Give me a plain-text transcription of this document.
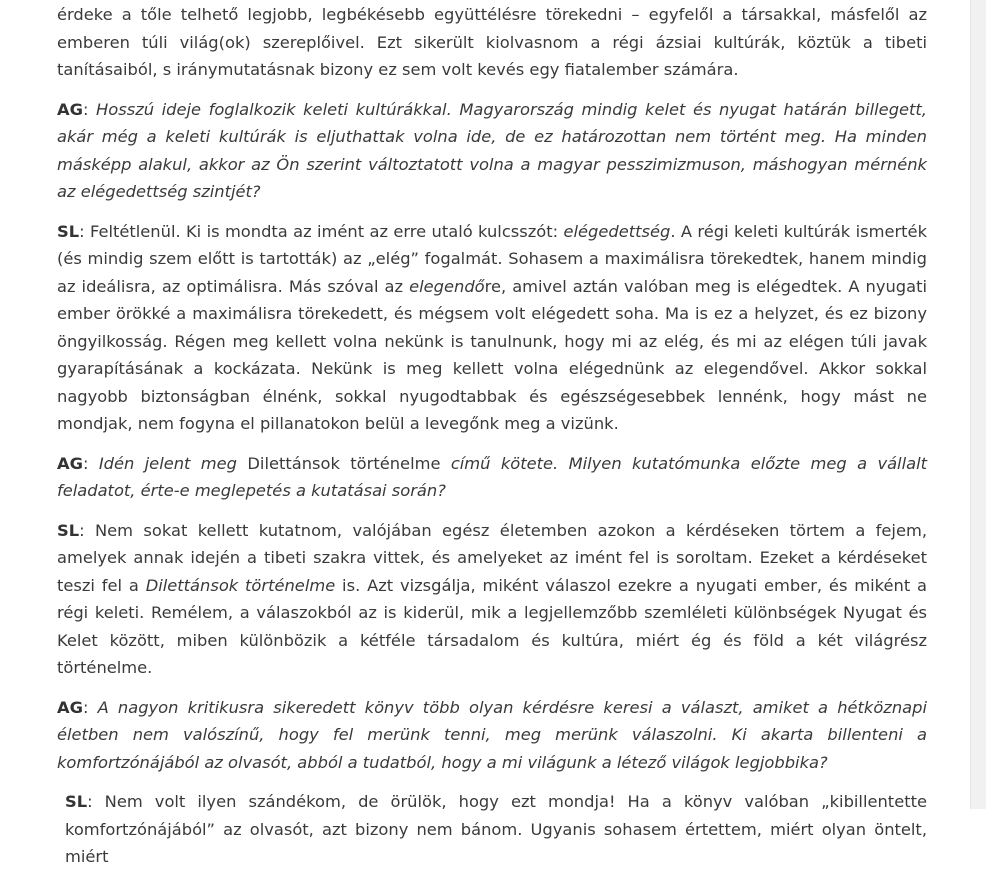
érdeke a tőle telhető legjobb, legbékésebb együttélésre törekedni – egyfelől a társakkal, másfelől az emberen túli világ(ok) szereplőivel. Ezt sikerült kiolvasnom a régi ázsiai kultúrák, köztük a tibeti tanításaiból, s iránymutatásnak bizony ez sem volt kevés egy fiatalember számára.

AG: Hosszú ideje foglalkozik keleti kultúrákkal. Magyarország mindig kelet és nyugat határán billegett, akár még a keleti kultúrák is eljuthattak volna ide, de ez határozottan nem történt meg. Ha minden másképp alakul, akkor az Ön szerint változtatott volna a magyar pesszimizmuson, máshogyan mérnénk az elégedettség szintjét?

SL: Feltétlenül. Ki is mondta az imént az erre utaló kulcsszót: elégedettség. A régi keleti kultúrák ismerték (és mindig szem előtt is tartották) az „elég” fogalmát. Sohasem a maximálisra törekedtek, hanem mindig az ideálisra, az optimálisra. Más szóval az elegendőre, amivel aztán valóban meg is elégedtek. A nyugati ember örökké a maximálisra törekedett, és mégsem volt elégedett soha. Ma is ez a helyzet, és ez bizony öngyilkosság. Régen meg kellett volna nekünk is tanulnunk, hogy mi az elég, és mi az elégen túli javak gyarapításának a kockázata. Nekünk is meg kellett volna elégednünk az elegendővel. Akkor sokkal nagyobb biztonságban élnénk, sokkal nyugodtabbak és egészségesebbek lennénk, hogy mást ne mondjak, nem fogyna el pillanatokon belül a levegőnk meg a vizünk.

AG: Idén jelent meg Dilettánsok történelme című kötete. Milyen kutatómunka előzte meg a vállalt feladatot, érte-e meglepetés a kutatásai során?

SL: Nem sokat kellett kutatnom, valójában egész életemben azokon a kérdéseken törtem a fejem, amelyek annak idején a tibeti szakra vittek, és amelyeket az imént fel is soroltam. Ezeket a kérdéseket teszi fel a Dilettánsok történelme is. Azt vizsgálja, miként válaszol ezekre a nyugati ember, és miként a régi keleti. Remélem, a válaszokból az is kiderül, mik a legjellemzőbb szemléleti különbségek Nyugat és Kelet között, miben különbözik a kétféle társadalom és kultúra, miért ég és föld a két világrész történelme.

AG: A nagyon kritikusra sikeredett könyv több olyan kérdésre keresi a választ, amiket a hétköznapi életben nem valószínű, hogy fel merünk tenni, meg merünk válaszolni. Ki akarta billenteni a komfortzónájából az olvasót, abból a tudatból, hogy a mi világunk a létező világok legjobbika?

SL: Nem volt ilyen szándékom, de örülök, hogy ezt mondja! Ha a könyv valóban „kibillentette komfortzónájából” az olvasót, azt bizony nem bánom. Ugyanis sohasem értettem, miért olyan öntelt, miért
